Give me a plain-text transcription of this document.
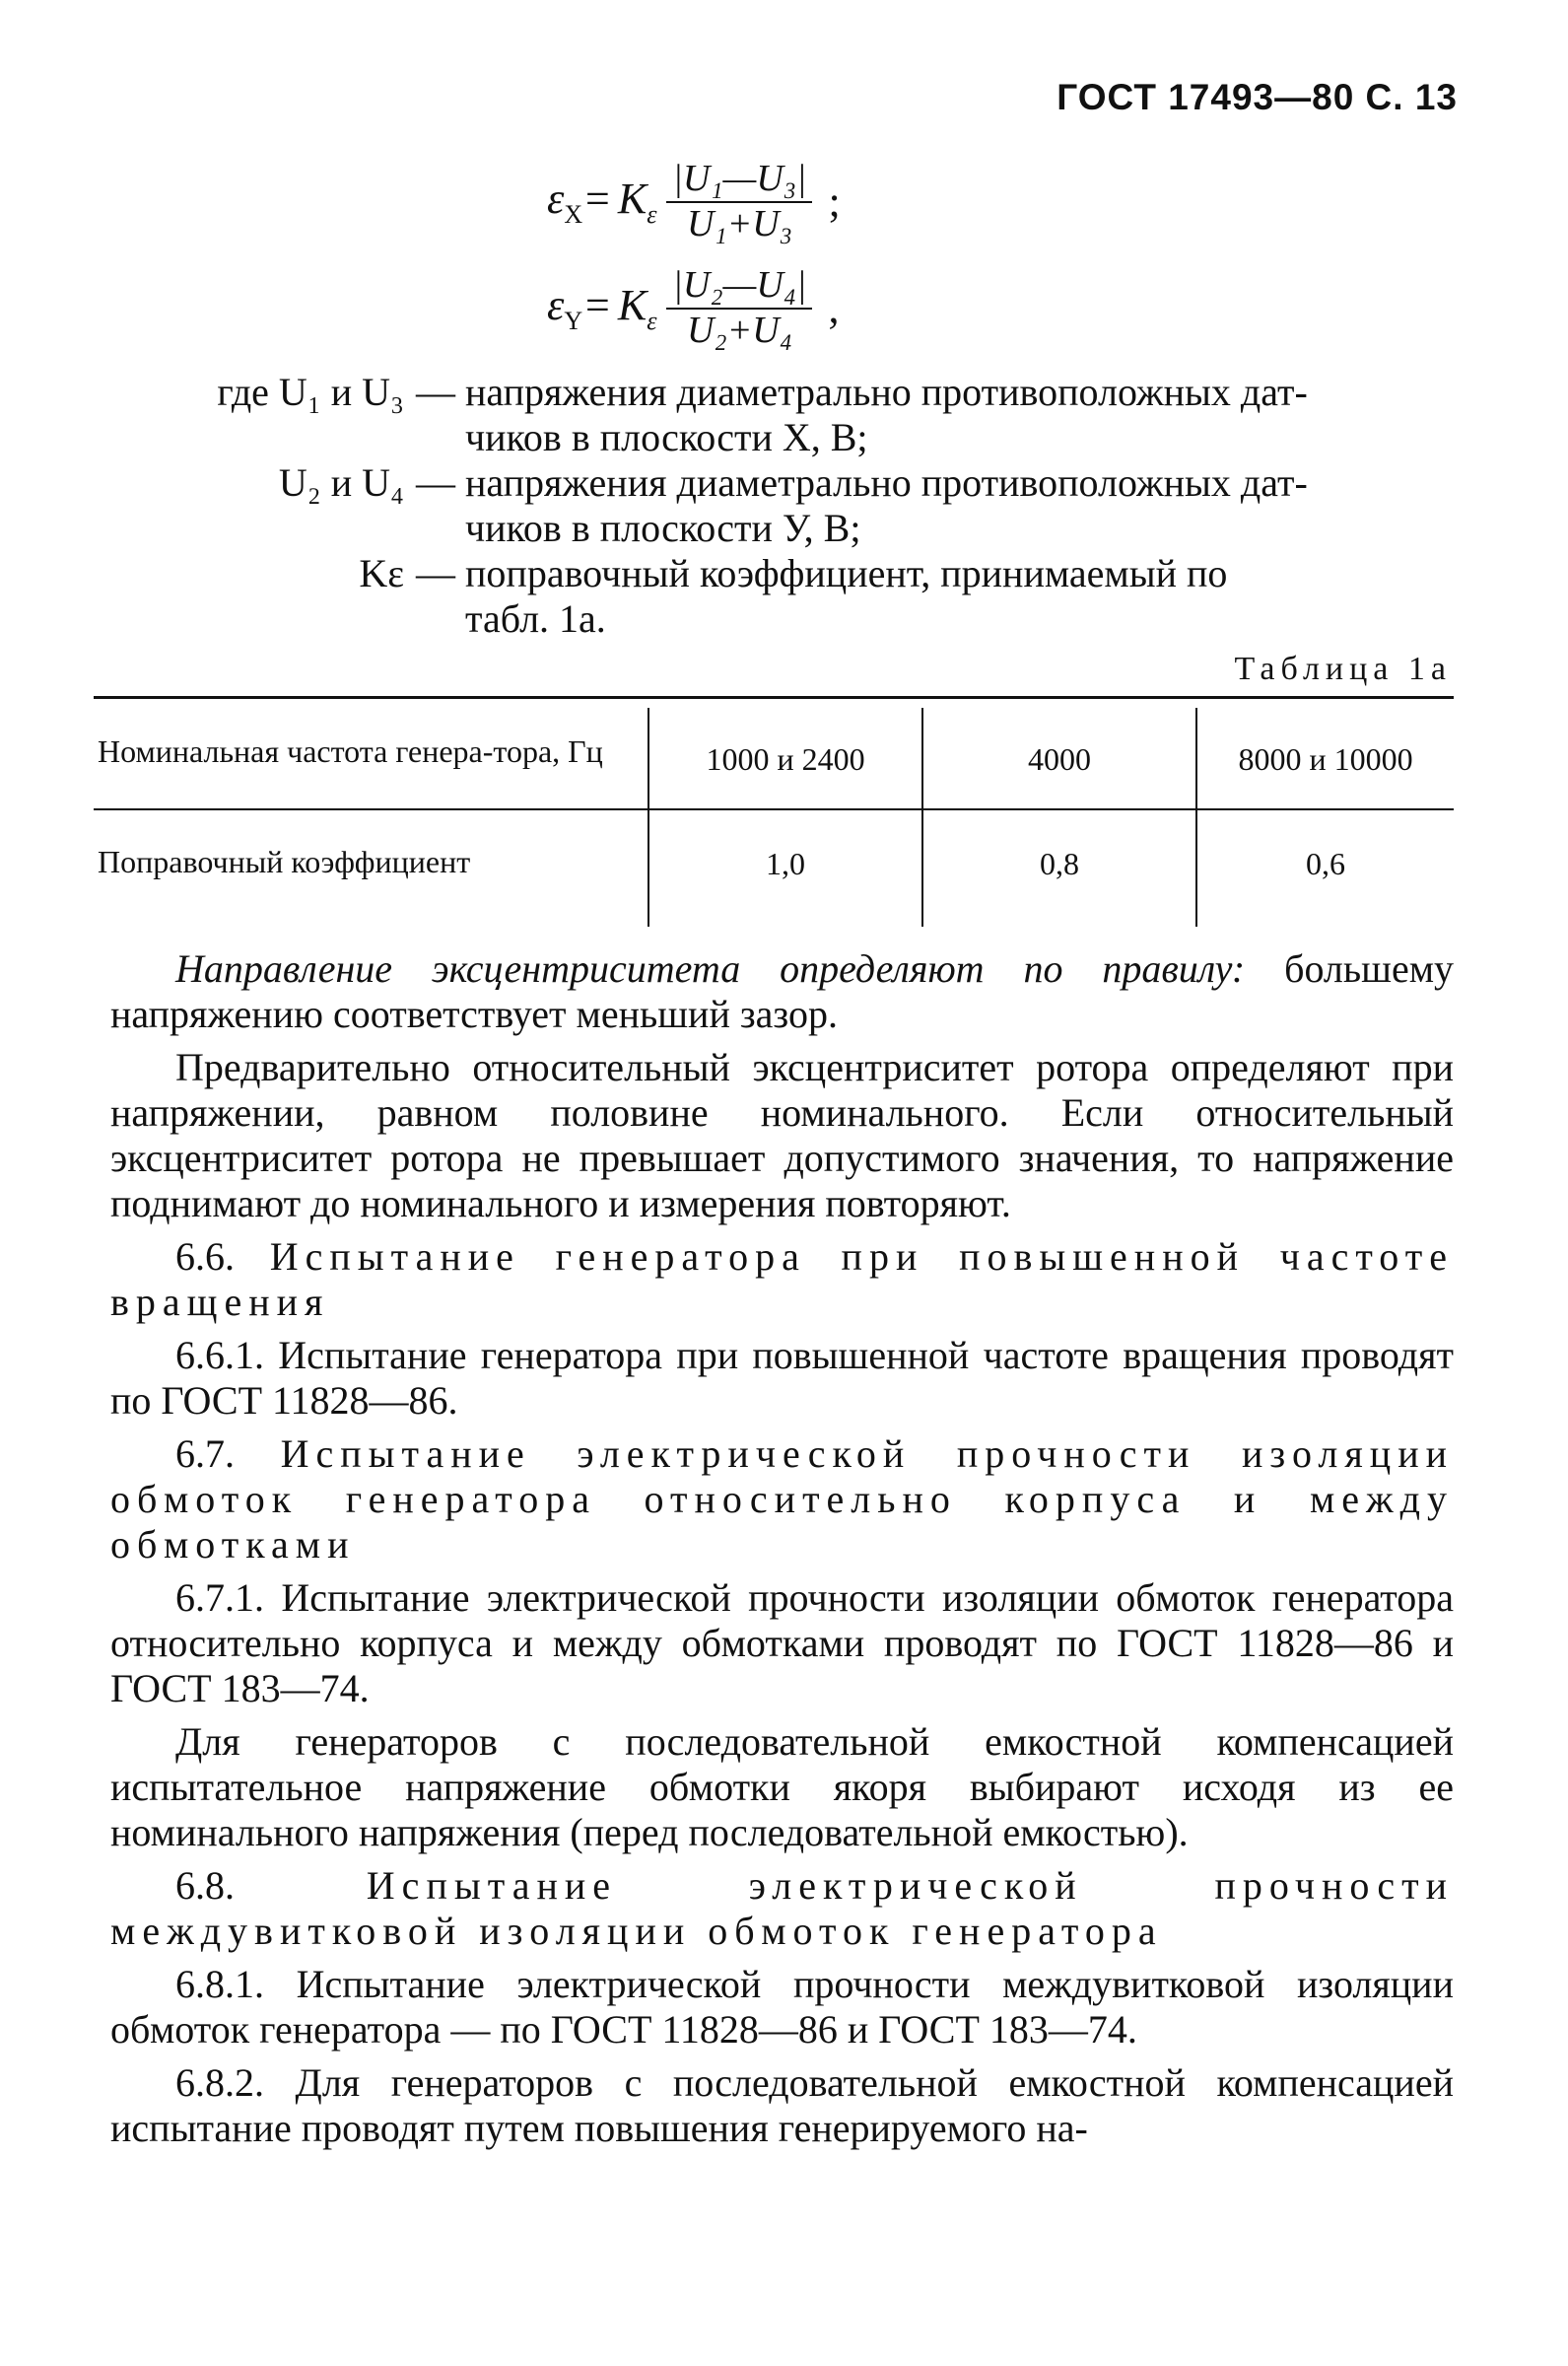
ГОСТ 17493—80 С. 13
$\varepsilon_X= K_\varepsilon \frac{\text{|U₁—U₃|}}{\text{U₁+U₃}}$ ;
$\varepsilon_Y= K_\varepsilon \frac{\text{|U₂—U₄|}}{\text{U₂+U₄}}$ ,
где U₁ и U₃ — напряжения диаметрально противоположных дат-
чиков в плоскости X, В;
U₂ и U₄ — напряжения диаметрально противоположных дат-
чиков в плоскости У, В;
Kε — поправочный коэффициент, принимаемый по
табл. 1а.
Таблица 1а
Номинальная частота генера-тора, Гц	1000 и 2400	4000	8000 и 10000
Поправочный коэффициент	1,0	0,8	0,6

Направление эксцентриситета определяют по правилу: большему напряжению соответствует меньший зазор.

Предварительно относительный эксцентриситет ротора определяют при напряжении, равном половине номинального. Если относительный эксцентриситет ротора не превышает допустимого значения, то напряжение поднимают до номинального и измерения повторяют.

6.6. Испытание генератора при повышенной частоте вращения

6.6.1. Испытание генератора при повышенной частоте вращения проводят по ГОСТ 11828—86.

6.7. Испытание электрической прочности изоляции обмоток генератора относительно корпуса и между обмотками

6.7.1. Испытание электрической прочности изоляции обмоток генератора относительно корпуса и между обмотками проводят по ГОСТ 11828—86 и ГОСТ 183—74.

Для генераторов с последовательной емкостной компенсацией испытательное напряжение обмотки якоря выбирают исходя из ее номинального напряжения (перед последовательной емкостью).

6.8.	Испытание электрической прочности междувитковой изоляции обмоток генератора

6.8.1. Испытание электрической прочности междувитковой изоляции обмоток генератора — по ГОСТ 11828—86 и ГОСТ 183—74.

6.8.2. Для генераторов с последовательной емкостной компенсацией испытание проводят путем повышения генерируемого на-
